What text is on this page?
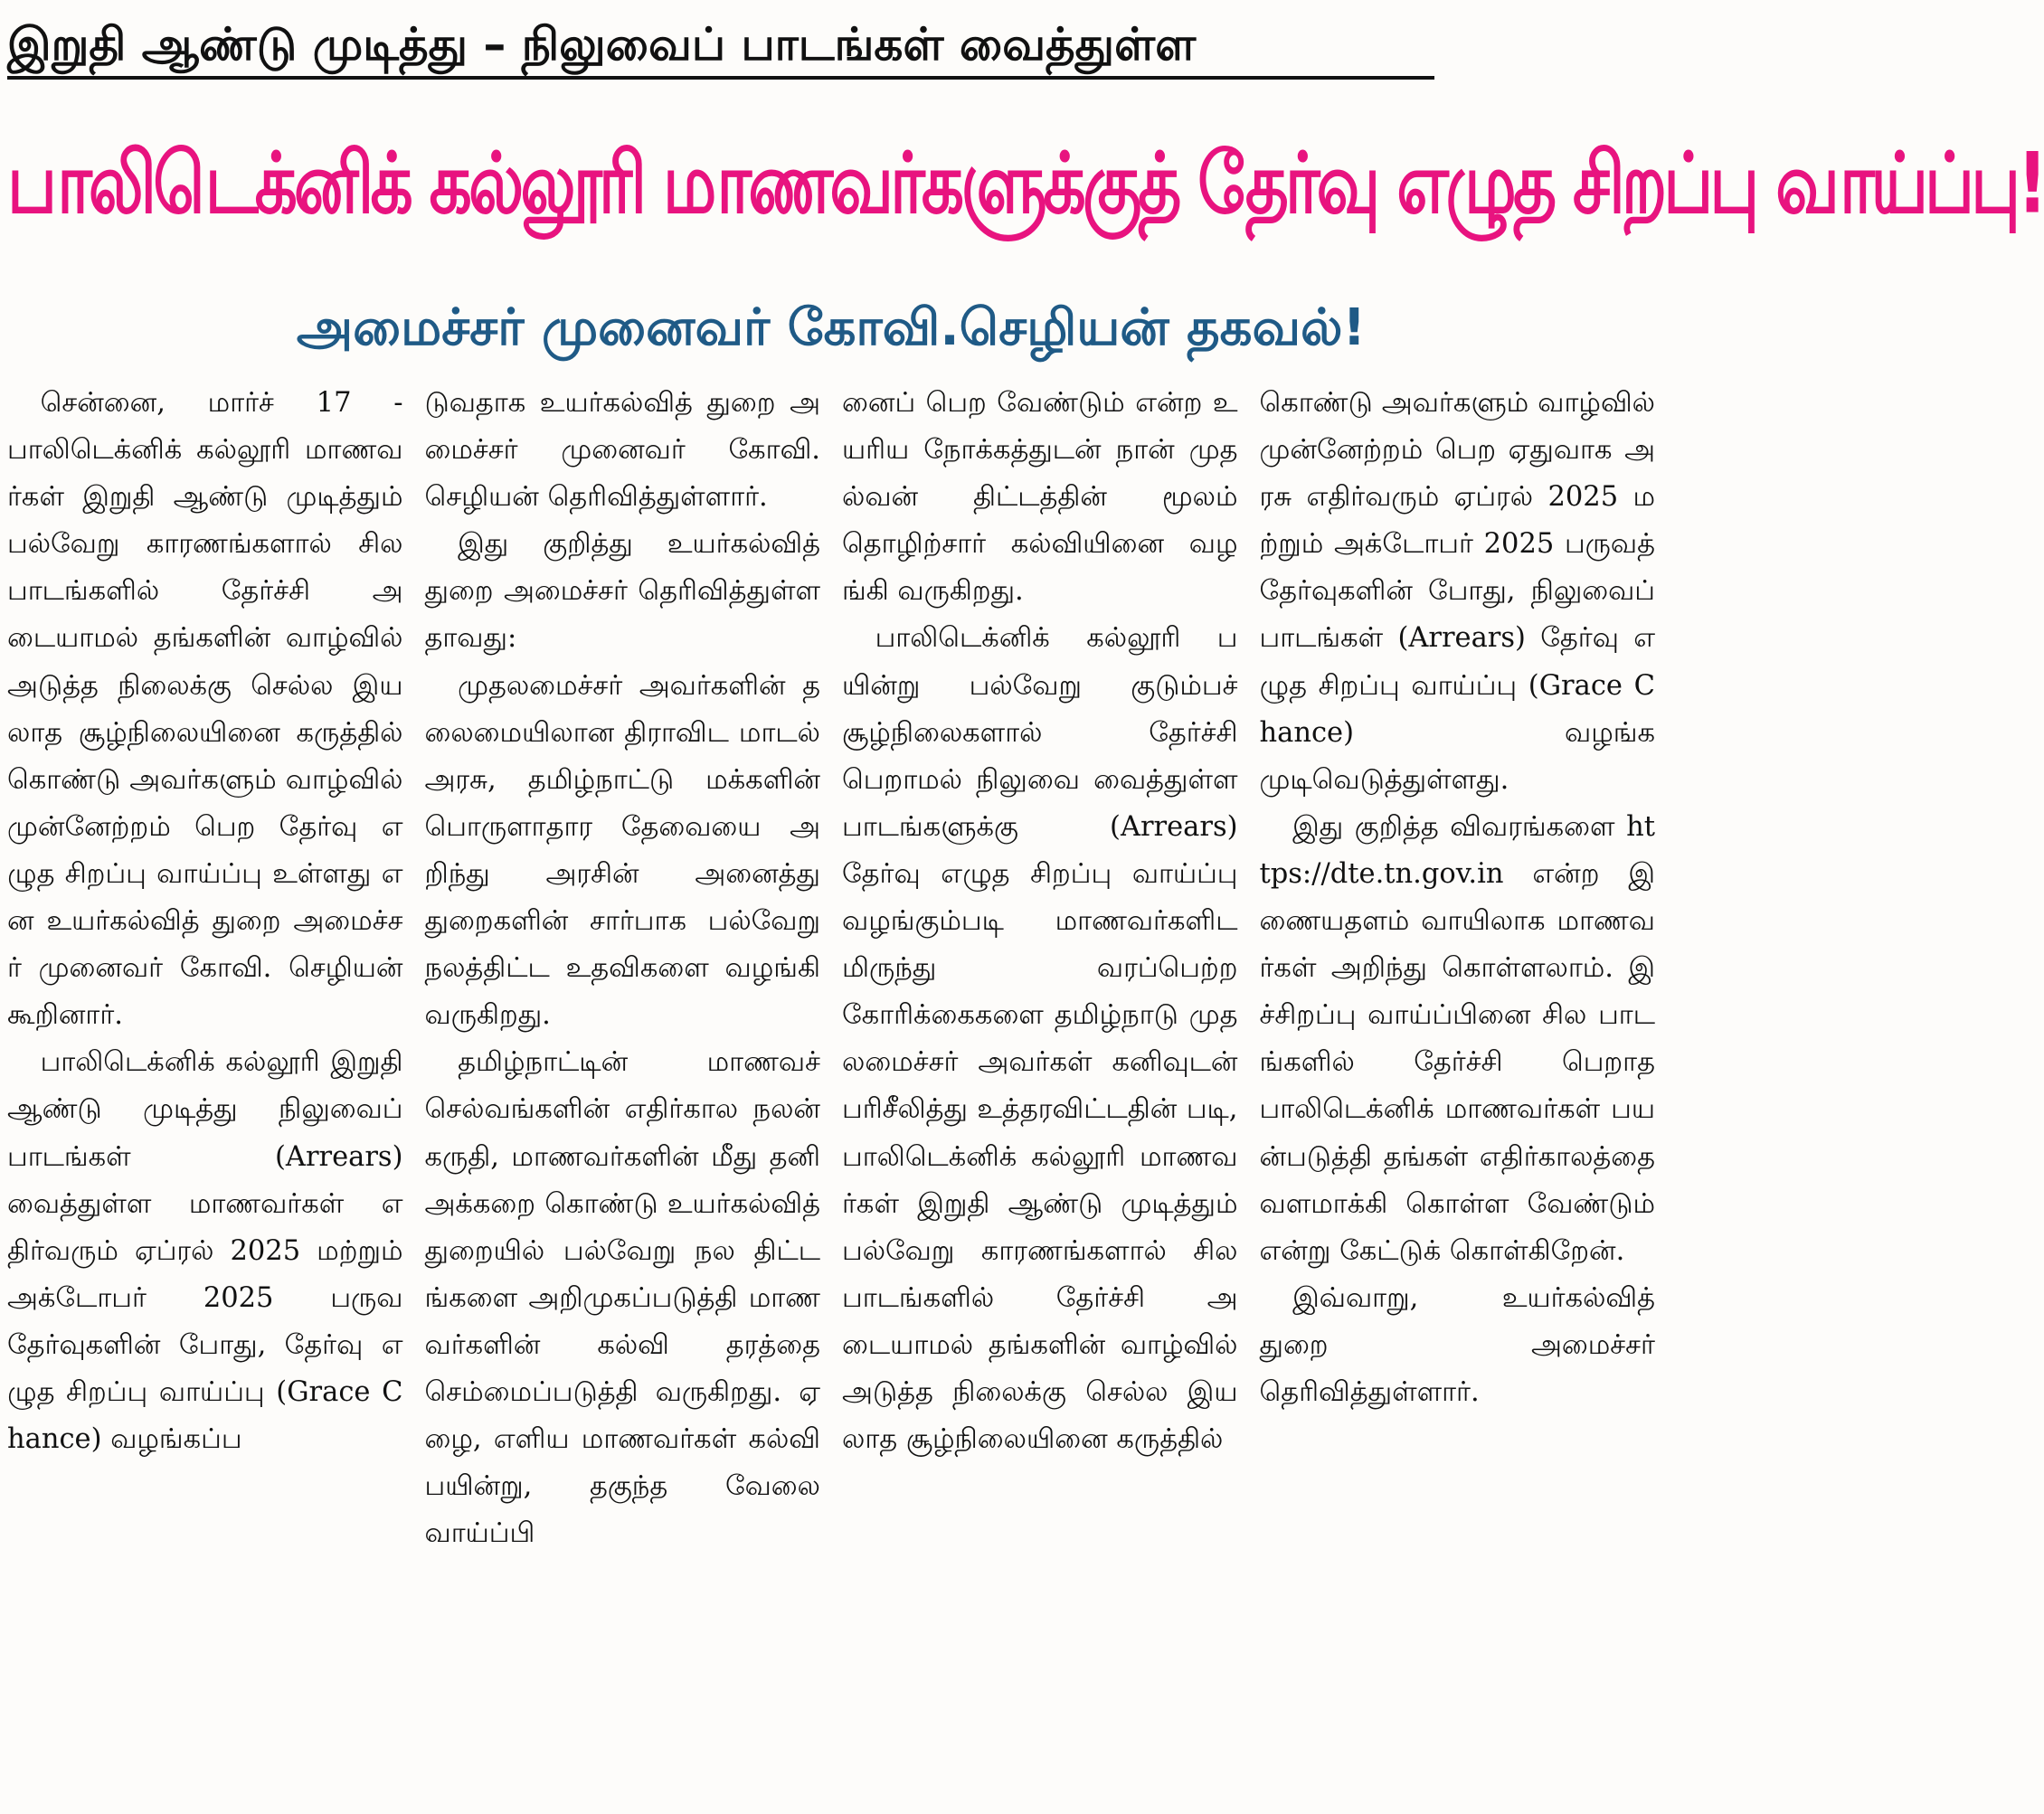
இறுதி ஆண்டு முடித்து – நிலுவைப் பாடங்கள் வைத்துள்ள
பாலிடெக்னிக் கல்லூரி மாணவர்களுக்குத் தேர்வு எழுத சிறப்பு வாய்ப்பு!
அமைச்சர் முனைவர் கோவி.செழியன் தகவல்!

சென்னை, மார்ச் 17 - பாலிடெக்னிக் கல்லூரி மாணவர்கள் இறுதி ஆண்டு முடித்தும் பல்வேறு காரணங்களால் சில பாடங்களில் தேர்ச்சி அடையாமல் தங்களின் வாழ்வில் அடுத்த நிலைக்கு செல்ல இயலாத சூழ்நிலையினை கருத்தில் கொண்டு அவர்களும் வாழ்வில் முன்னேற்றம் பெற தேர்வு எழுத சிறப்பு வாய்ப்பு உள்ளது என உயர்கல்வித் துறை அமைச்சர் முனைவர் கோவி. செழியன் கூறினார்.

பாலிடெக்னிக் கல்லூரி இறுதி ஆண்டு முடித்து நிலுவைப் பாடங்கள் (Arrears) வைத்துள்ள மாணவர்கள் எதிர்வரும் ஏப்ரல் 2025 மற்றும் அக்டோபர் 2025 பருவ தேர்வுகளின் போது, தேர்வு எழுத சிறப்பு வாய்ப்பு (Grace Chance) வழங்கப்ப

டுவதாக உயர்கல்வித் துறை அமைச்சர் முனைவர் கோவி. செழியன் தெரிவித்துள்ளார்.

இது குறித்து உயர்கல்வித் துறை அமைச்சர் தெரிவித்துள்ளதாவது:

முதலமைச்சர் அவர்களின் தலைமையிலான திராவிட மாடல் அரசு, தமிழ்நாட்டு மக்களின் பொருளாதார தேவையை அறிந்து அரசின் அனைத்து துறைகளின் சார்பாக பல்வேறு நலத்திட்ட உதவிகளை வழங்கி வருகிறது.

தமிழ்நாட்டின் மாணவச் செல்வங்களின் எதிர்கால நலன் கருதி, மாணவர்களின் மீது தனி அக்கறை கொண்டு உயர்கல்வித் துறையில் பல்வேறு நல திட்டங்களை அறிமுகப்படுத்தி மாணவர்களின் கல்வி தரத்தை செம்மைப்படுத்தி வருகிறது. ஏழை, எளிய மாணவர்கள் கல்வி பயின்று, தகுந்த வேலை வாய்ப்பி

னைப் பெற வேண்டும் என்ற உயரிய நோக்கத்துடன் நான் முதல்வன் திட்டத்தின் மூலம் தொழிற்சார் கல்வியினை வழங்கி வருகிறது.

பாலிடெக்னிக் கல்லூரி பயின்று பல்வேறு குடும்பச் சூழ்நிலைகளால் தேர்ச்சி பெறாமல் நிலுவை வைத்துள்ள பாடங்களுக்கு (Arrears) தேர்வு எழுத சிறப்பு வாய்ப்பு வழங்கும்படி மாணவர்களிடமிருந்து வரப்பெற்ற கோரிக்கைகளை தமிழ்நாடு முதலமைச்சர் அவர்கள் கனிவுடன் பரிசீலித்து உத்தரவிட்டதின் படி, பாலிடெக்னிக் கல்லூரி மாணவர்கள் இறுதி ஆண்டு முடித்தும் பல்வேறு காரணங்களால் சில பாடங்களில் தேர்ச்சி அடையாமல் தங்களின் வாழ்வில் அடுத்த நிலைக்கு செல்ல இயலாத சூழ்நிலையினை கருத்தில்

கொண்டு அவர்களும் வாழ்வில் முன்னேற்றம் பெற ஏதுவாக அரசு எதிர்வரும் ஏப்ரல் 2025 மற்றும் அக்டோபர் 2025 பருவத் தேர்வுகளின் போது, நிலுவைப் பாடங்கள் (Arrears) தேர்வு எழுத சிறப்பு வாய்ப்பு (Grace Chance) வழங்க முடிவெடுத்துள்ளது.

இது குறித்த விவரங்களை https://dte.tn.gov.in என்ற இணையதளம் வாயிலாக மாணவர்கள் அறிந்து கொள்ளலாம். இச்சிறப்பு வாய்ப்பினை சில பாடங்களில் தேர்ச்சி பெறாத பாலிடெக்னிக் மாணவர்கள் பயன்படுத்தி தங்கள் எதிர்காலத்தை வளமாக்கி கொள்ள வேண்டும் என்று கேட்டுக் கொள்கிறேன்.

இவ்வாறு, உயர்கல்வித் துறை அமைச்சர் தெரிவித்துள்ளார்.
